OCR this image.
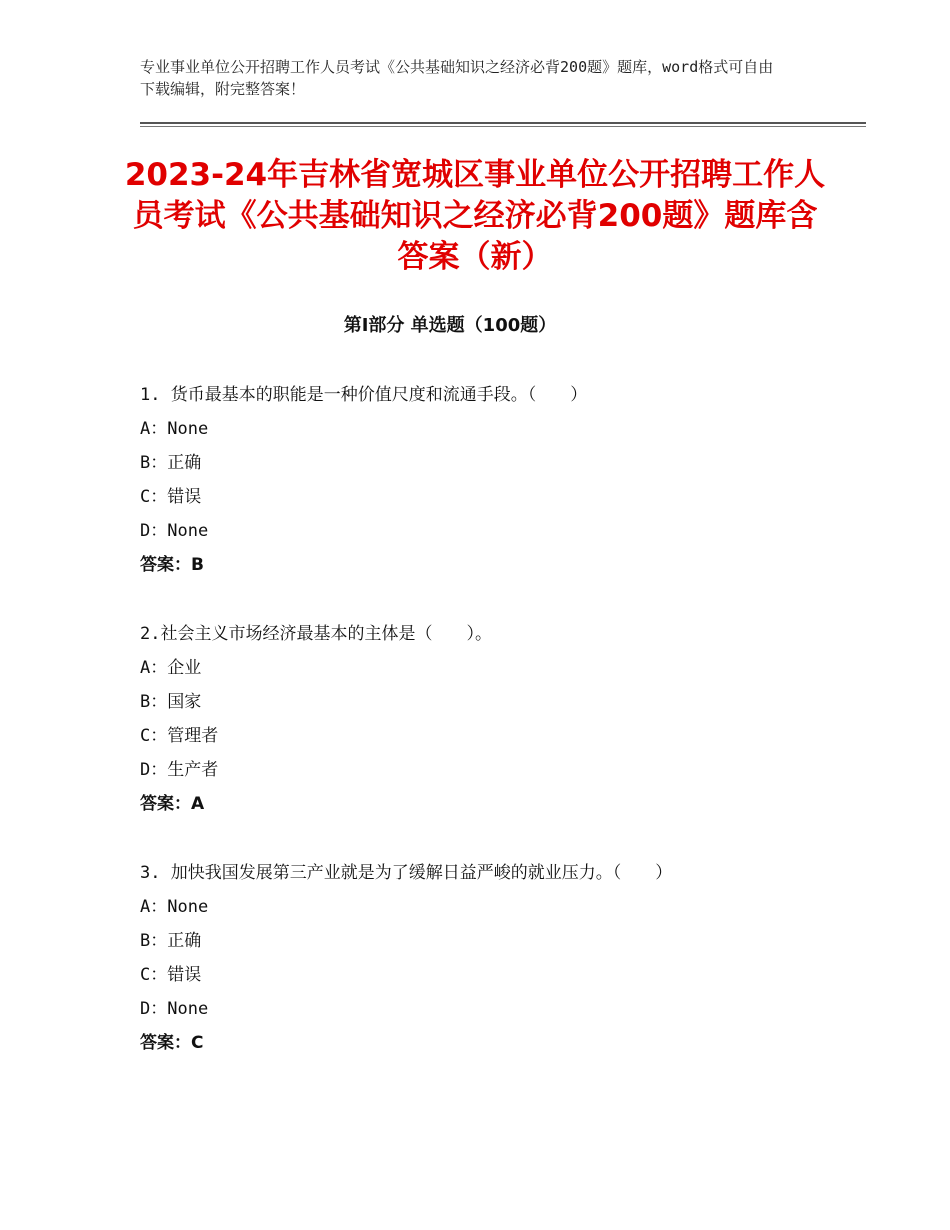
专业事业单位公开招聘工作人员考试《公共基础知识之经济必背200题》题库，word格式可自由下载编辑，附完整答案！
2023-24年吉林省宽城区事业单位公开招聘工作人员考试《公共基础知识之经济必背200题》题库含答案（新）
第Ⅰ部分 单选题（100题）

1. 货币最基本的职能是一种价值尺度和流通手段。（　　）

A：None

B：正确

C：错误

D：None

答案：B

2.社会主义市场经济最基本的主体是（　　）。

A：企业

B：国家

C：管理者

D：生产者

答案：A

3. 加快我国发展第三产业就是为了缓解日益严峻的就业压力。（　　）

A：None

B：正确

C：错误

D：None

答案：C
